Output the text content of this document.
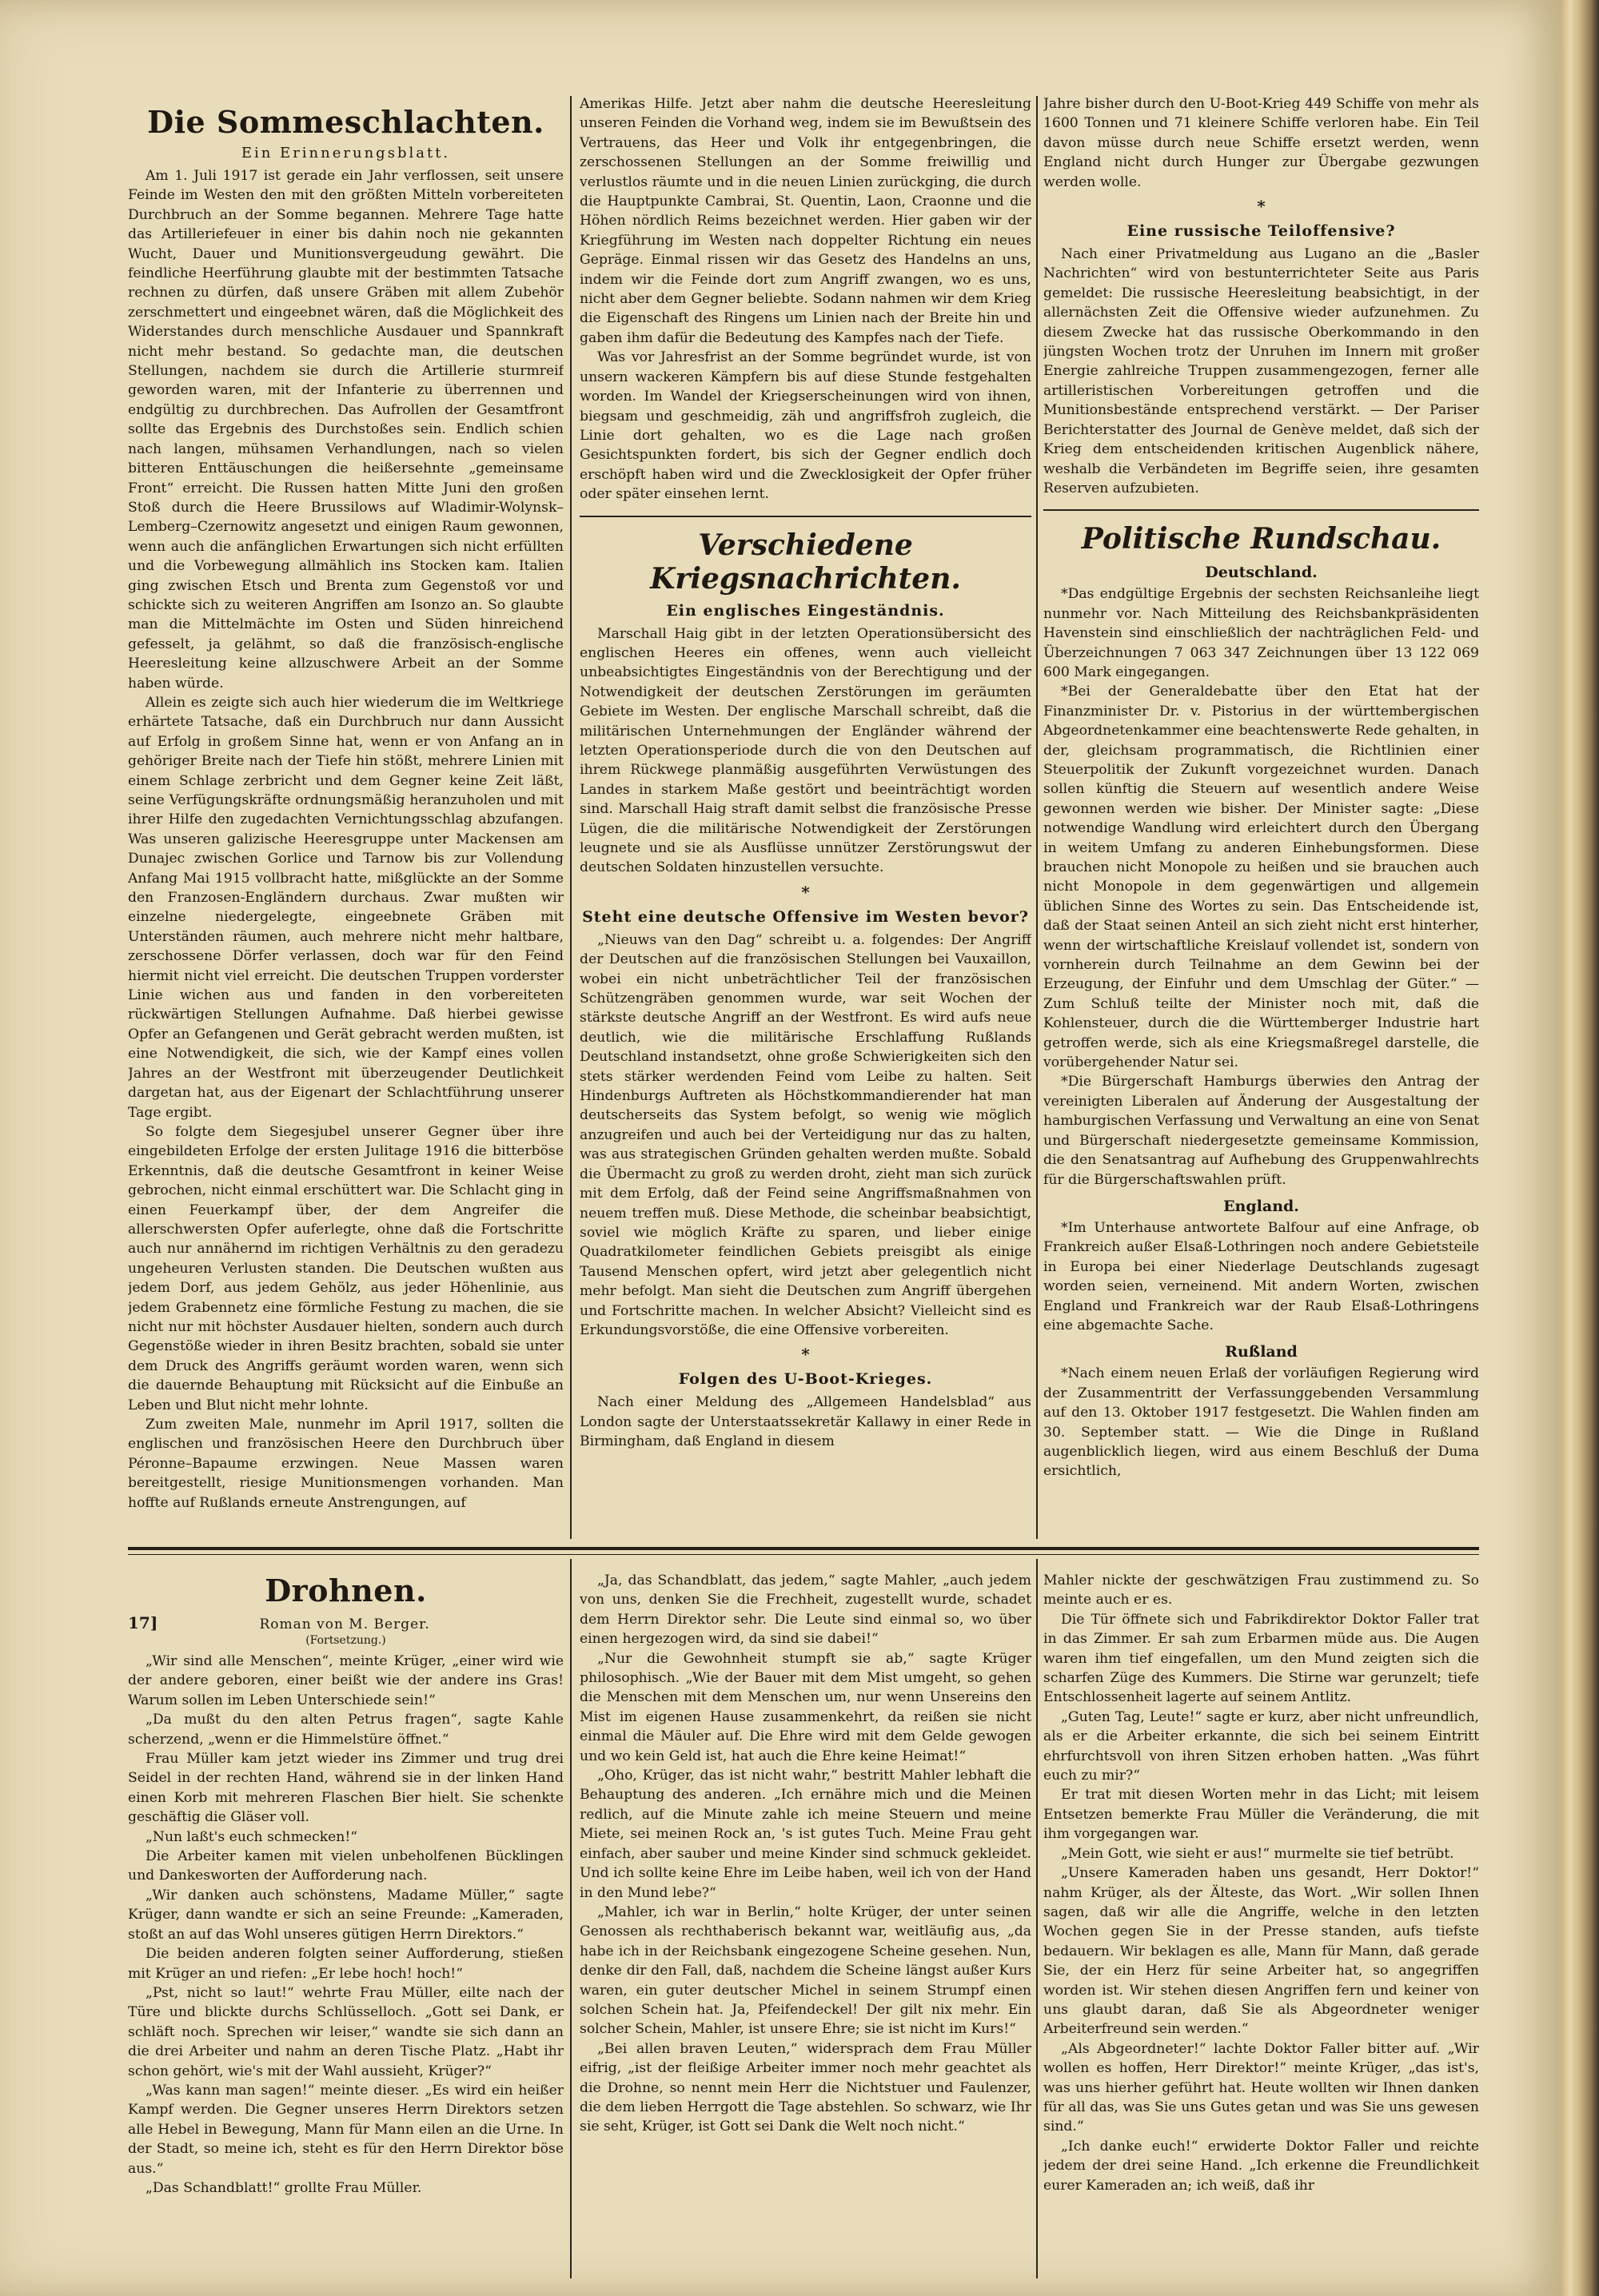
Die Sommeschlachten.
Ein Erinnerungsblatt.

Am 1. Juli 1917 ist gerade ein Jahr verflossen, seit unsere Feinde im Westen den mit den größten Mitteln vorbereiteten Durchbruch an der Somme begannen. Mehrere Tage hatte das Artilleriefeuer in einer bis dahin noch nie gekannten Wucht, Dauer und Munitionsvergeudung gewährt. Die feindliche Heerführung glaubte mit der bestimmten Tatsache rechnen zu dürfen, daß unsere Gräben mit allem Zubehör zerschmettert und eingeebnet wären, daß die Möglichkeit des Widerstandes durch menschliche Ausdauer und Spannkraft nicht mehr bestand. So gedachte man, die deutschen Stellungen, nachdem sie durch die Artillerie sturmreif geworden waren, mit der Infanterie zu überrennen und endgültig zu durchbrechen. Das Aufrollen der Gesamtfront sollte das Ergebnis des Durchstoßes sein. Endlich schien nach langen, mühsamen Verhandlungen, nach so vielen bitteren Enttäuschungen die heißersehnte „gemeinsame Front“ erreicht. Die Russen hatten Mitte Juni den großen Stoß durch die Heere Brussilows auf Wladimir-Wolynsk–Lemberg–Czernowitz angesetzt und einigen Raum gewonnen, wenn auch die anfänglichen Erwartungen sich nicht erfüllten und die Vorbewegung allmählich ins Stocken kam. Italien ging zwischen Etsch und Brenta zum Gegenstoß vor und schickte sich zu weiteren Angriffen am Isonzo an. So glaubte man die Mittelmächte im Osten und Süden hinreichend gefesselt, ja gelähmt, so daß die französisch-englische Heeresleitung keine allzuschwere Arbeit an der Somme haben würde.

Allein es zeigte sich auch hier wiederum die im Weltkriege erhärtete Tatsache, daß ein Durchbruch nur dann Aussicht auf Erfolg in großem Sinne hat, wenn er von Anfang an in gehöriger Breite nach der Tiefe hin stößt, mehrere Linien mit einem Schlage zerbricht und dem Gegner keine Zeit läßt, seine Verfügungskräfte ordnungsmäßig heranzuholen und mit ihrer Hilfe den zugedachten Vernichtungsschlag abzufangen. Was unseren galizische Heeresgruppe unter Mackensen am Dunajec zwischen Gorlice und Tarnow bis zur Vollendung Anfang Mai 1915 vollbracht hatte, mißglückte an der Somme den Franzosen-Engländern durchaus. Zwar mußten wir einzelne niedergelegte, eingeebnete Gräben mit Unterständen räumen, auch mehrere nicht mehr haltbare, zerschossene Dörfer verlassen, doch war für den Feind hiermit nicht viel erreicht. Die deutschen Truppen vorderster Linie wichen aus und fanden in den vorbereiteten rückwärtigen Stellungen Aufnahme. Daß hierbei gewisse Opfer an Gefangenen und Gerät gebracht werden mußten, ist eine Notwendigkeit, die sich, wie der Kampf eines vollen Jahres an der Westfront mit überzeugender Deutlichkeit dargetan hat, aus der Eigenart der Schlachtführung unserer Tage ergibt.

So folgte dem Siegesjubel unserer Gegner über ihre eingebildeten Erfolge der ersten Julitage 1916 die bitterböse Erkenntnis, daß die deutsche Gesamtfront in keiner Weise gebrochen, nicht einmal erschüttert war. Die Schlacht ging in einen Feuerkampf über, der dem Angreifer die allerschwersten Opfer auferlegte, ohne daß die Fortschritte auch nur annähernd im richtigen Verhältnis zu den geradezu ungeheuren Verlusten standen. Die Deutschen wußten aus jedem Dorf, aus jedem Gehölz, aus jeder Höhenlinie, aus jedem Grabennetz eine förmliche Festung zu machen, die sie nicht nur mit höchster Ausdauer hielten, sondern auch durch Gegenstöße wieder in ihren Besitz brachten, sobald sie unter dem Druck des Angriffs geräumt worden waren, wenn sich die dauernde Behauptung mit Rücksicht auf die Einbuße an Leben und Blut nicht mehr lohnte.

Zum zweiten Male, nunmehr im April 1917, sollten die englischen und französischen Heere den Durchbruch über Péronne–Bapaume erzwingen. Neue Massen waren bereitgestellt, riesige Munitionsmengen vorhanden. Man hoffte auf Rußlands erneute Anstrengungen, auf

Amerikas Hilfe. Jetzt aber nahm die deutsche Heeresleitung unseren Feinden die Vorhand weg, indem sie im Bewußtsein des Vertrauens, das Heer und Volk ihr entgegenbringen, die zerschossenen Stellungen an der Somme freiwillig und verlustlos räumte und in die neuen Linien zurückging, die durch die Hauptpunkte Cambrai, St. Quentin, Laon, Craonne und die Höhen nördlich Reims bezeichnet werden. Hier gaben wir der Kriegführung im Westen nach doppelter Richtung ein neues Gepräge. Einmal rissen wir das Gesetz des Handelns an uns, indem wir die Feinde dort zum Angriff zwangen, wo es uns, nicht aber dem Gegner beliebte. Sodann nahmen wir dem Krieg die Eigenschaft des Ringens um Linien nach der Breite hin und gaben ihm dafür die Bedeutung des Kampfes nach der Tiefe.

Was vor Jahresfrist an der Somme begründet wurde, ist von unsern wackeren Kämpfern bis auf diese Stunde festgehalten worden. Im Wandel der Kriegserscheinungen wird von ihnen, biegsam und geschmeidig, zäh und angriffsfroh zugleich, die Linie dort gehalten, wo es die Lage nach großen Gesichtspunkten fordert, bis sich der Gegner endlich doch erschöpft haben wird und die Zwecklosigkeit der Opfer früher oder später einsehen lernt.

Verschiedene Kriegsnachrichten.
Ein englisches Eingeständnis.

Marschall Haig gibt in der letzten Operationsübersicht des englischen Heeres ein offenes, wenn auch vielleicht unbeabsichtigtes Eingeständnis von der Berechtigung und der Notwendigkeit der deutschen Zerstörungen im geräumten Gebiete im Westen. Der englische Marschall schreibt, daß die militärischen Unternehmungen der Engländer während der letzten Operationsperiode durch die von den Deutschen auf ihrem Rückwege planmäßig ausgeführten Verwüstungen des Landes in starkem Maße gestört und beeinträchtigt worden sind. Marschall Haig straft damit selbst die französische Presse Lügen, die die militärische Notwendigkeit der Zerstörungen leugnete und sie als Ausflüsse unnützer Zerstörungswut der deutschen Soldaten hinzustellen versuchte.

*
Steht eine deutsche Offensive im Westen bevor?

„Nieuws van den Dag“ schreibt u. a. folgendes: Der Angriff der Deutschen auf die französischen Stellungen bei Vauxaillon, wobei ein nicht unbeträchtlicher Teil der französischen Schützengräben genommen wurde, war seit Wochen der stärkste deutsche Angriff an der Westfront. Es wird aufs neue deutlich, wie die militärische Erschlaffung Rußlands Deutschland instandsetzt, ohne große Schwierigkeiten sich den stets stärker werdenden Feind vom Leibe zu halten. Seit Hindenburgs Auftreten als Höchstkommandierender hat man deutscherseits das System befolgt, so wenig wie möglich anzugreifen und auch bei der Verteidigung nur das zu halten, was aus strategischen Gründen gehalten werden mußte. Sobald die Übermacht zu groß zu werden droht, zieht man sich zurück mit dem Erfolg, daß der Feind seine Angriffsmaßnahmen von neuem treffen muß. Diese Methode, die scheinbar beabsichtigt, soviel wie möglich Kräfte zu sparen, und lieber einige Quadratkilometer feindlichen Gebiets preisgibt als einige Tausend Menschen opfert, wird jetzt aber gelegentlich nicht mehr befolgt. Man sieht die Deutschen zum Angriff übergehen und Fortschritte machen. In welcher Absicht? Vielleicht sind es Erkundungsvorstöße, die eine Offensive vorbereiten.

*
Folgen des U-Boot-Krieges.

Nach einer Meldung des „Allgemeen Handelsblad“ aus London sagte der Unterstaatssekretär Kallawy in einer Rede in Birmingham, daß England in diesem

Jahre bisher durch den U-Boot-Krieg 449 Schiffe von mehr als 1600 Tonnen und 71 kleinere Schiffe verloren habe. Ein Teil davon müsse durch neue Schiffe ersetzt werden, wenn England nicht durch Hunger zur Übergabe gezwungen werden wolle.

*
Eine russische Teiloffensive?

Nach einer Privatmeldung aus Lugano an die „Basler Nachrichten“ wird von bestunterrichteter Seite aus Paris gemeldet: Die russische Heeresleitung beabsichtigt, in der allernächsten Zeit die Offensive wieder aufzunehmen. Zu diesem Zwecke hat das russische Oberkommando in den jüngsten Wochen trotz der Unruhen im Innern mit großer Energie zahlreiche Truppen zusammengezogen, ferner alle artilleristischen Vorbereitungen getroffen und die Munitionsbestände entsprechend verstärkt. — Der Pariser Berichterstatter des Journal de Genève meldet, daß sich der Krieg dem entscheidenden kritischen Augenblick nähere, weshalb die Verbändeten im Begriffe seien, ihre gesamten Reserven aufzubieten.

Politische Rundschau.
Deutschland.

*Das endgültige Ergebnis der sechsten Reichsanleihe liegt nunmehr vor. Nach Mitteilung des Reichsbankpräsidenten Havenstein sind einschließlich der nachträglichen Feld- und Überzeichnungen 7 063 347 Zeichnungen über 13 122 069 600 Mark eingegangen.

*Bei der Generaldebatte über den Etat hat der Finanzminister Dr. v. Pistorius in der württembergischen Abgeordnetenkammer eine beachtenswerte Rede gehalten, in der, gleichsam programmatisch, die Richtlinien einer Steuerpolitik der Zukunft vorgezeichnet wurden. Danach sollen künftig die Steuern auf wesentlich andere Weise gewonnen werden wie bisher. Der Minister sagte: „Diese notwendige Wandlung wird erleichtert durch den Übergang in weitem Umfang zu anderen Einhebungsformen. Diese brauchen nicht Monopole zu heißen und sie brauchen auch nicht Monopole in dem gegenwärtigen und allgemein üblichen Sinne des Wortes zu sein. Das Entscheidende ist, daß der Staat seinen Anteil an sich zieht nicht erst hinterher, wenn der wirtschaftliche Kreislauf vollendet ist, sondern von vornherein durch Teilnahme an dem Gewinn bei der Erzeugung, der Einfuhr und dem Umschlag der Güter.“ — Zum Schluß teilte der Minister noch mit, daß die Kohlensteuer, durch die die Württemberger Industrie hart getroffen werde, sich als eine Kriegsmaßregel darstelle, die vorübergehender Natur sei.

*Die Bürgerschaft Hamburgs überwies den Antrag der vereinigten Liberalen auf Änderung der Ausgestaltung der hamburgischen Verfassung und Verwaltung an eine von Senat und Bürgerschaft niedergesetzte gemeinsame Kommission, die den Senatsantrag auf Aufhebung des Gruppenwahlrechts für die Bürgerschaftswahlen prüft.

England.

*Im Unterhause antwortete Balfour auf eine Anfrage, ob Frankreich außer Elsaß-Lothringen noch andere Gebietsteile in Europa bei einer Niederlage Deutschlands zugesagt worden seien, verneinend. Mit andern Worten, zwischen England und Frankreich war der Raub Elsaß-Lothringens eine abgemachte Sache.

Rußland

*Nach einem neuen Erlaß der vorläufigen Regierung wird der Zusammentritt der Verfassunggebenden Versammlung auf den 13. Oktober 1917 festgesetzt. Die Wahlen finden am 30. September statt. — Wie die Dinge in Rußland augenblicklich liegen, wird aus einem Beschluß der Duma ersichtlich,

Drohnen.
17]	Roman von M. Berger.
(Fortsetzung.)

„Wir sind alle Menschen“, meinte Krüger, „einer wird wie der andere geboren, einer beißt wie der andere ins Gras! Warum sollen im Leben Unterschiede sein!“

„Da mußt du den alten Petrus fragen“, sagte Kahle scherzend, „wenn er die Himmelstüre öffnet.“

Frau Müller kam jetzt wieder ins Zimmer und trug drei Seidel in der rechten Hand, während sie in der linken Hand einen Korb mit mehreren Flaschen Bier hielt. Sie schenkte geschäftig die Gläser voll.

„Nun laßt's euch schmecken!“

Die Arbeiter kamen mit vielen unbeholfenen Bücklingen und Dankesworten der Aufforderung nach.

„Wir danken auch schönstens, Madame Müller,“ sagte Krüger, dann wandte er sich an seine Freunde: „Kameraden, stoßt an auf das Wohl unseres gütigen Herrn Direktors.“

Die beiden anderen folgten seiner Aufforderung, stießen mit Krüger an und riefen: „Er lebe hoch! hoch!“

„Pst, nicht so laut!“ wehrte Frau Müller, eilte nach der Türe und blickte durchs Schlüsselloch. „Gott sei Dank, er schläft noch. Sprechen wir leiser,“ wandte sie sich dann an die drei Arbeiter und nahm an deren Tische Platz. „Habt ihr schon gehört, wie's mit der Wahl aussieht, Krüger?“

„Was kann man sagen!“ meinte dieser. „Es wird ein heißer Kampf werden. Die Gegner unseres Herrn Direktors setzen alle Hebel in Bewegung, Mann für Mann eilen an die Urne. In der Stadt, so meine ich, steht es für den Herrn Direktor böse aus.“

„Das Schandblatt!“ grollte Frau Müller.

„Ja, das Schandblatt, das jedem,“ sagte Mahler, „auch jedem von uns, denken Sie die Frechheit, zugestellt wurde, schadet dem Herrn Direktor sehr. Die Leute sind einmal so, wo über einen hergezogen wird, da sind sie dabei!“

„Nur die Gewohnheit stumpft sie ab,“ sagte Krüger philosophisch. „Wie der Bauer mit dem Mist umgeht, so gehen die Menschen mit dem Menschen um, nur wenn Unsereins den Mist im eigenen Hause zusammenkehrt, da reißen sie nicht einmal die Mäuler auf. Die Ehre wird mit dem Gelde gewogen und wo kein Geld ist, hat auch die Ehre keine Heimat!“

„Oho, Krüger, das ist nicht wahr,“ bestritt Mahler lebhaft die Behauptung des anderen. „Ich ernähre mich und die Meinen redlich, auf die Minute zahle ich meine Steuern und meine Miete, sei meinen Rock an, 's ist gutes Tuch. Meine Frau geht einfach, aber sauber und meine Kinder sind schmuck gekleidet. Und ich sollte keine Ehre im Leibe haben, weil ich von der Hand in den Mund lebe?“

„Mahler, ich war in Berlin,“ holte Krüger, der unter seinen Genossen als rechthaberisch bekannt war, weitläufig aus, „da habe ich in der Reichsbank eingezogene Scheine gesehen. Nun, denke dir den Fall, daß, nachdem die Scheine längst außer Kurs waren, ein guter deutscher Michel in seinem Strumpf einen solchen Schein hat. Ja, Pfeifendeckel! Der gilt nix mehr. Ein solcher Schein, Mahler, ist unsere Ehre; sie ist nicht im Kurs!“

„Bei allen braven Leuten,“ widersprach dem Frau Müller eifrig, „ist der fleißige Arbeiter immer noch mehr geachtet als die Drohne, so nennt mein Herr die Nichtstuer und Faulenzer, die dem lieben Herrgott die Tage abstehlen. So schwarz, wie Ihr sie seht, Krüger, ist Gott sei Dank die Welt noch nicht.“

Mahler nickte der geschwätzigen Frau zustimmend zu. So meinte auch er es.

Die Tür öffnete sich und Fabrikdirektor Doktor Faller trat in das Zimmer. Er sah zum Erbarmen müde aus. Die Augen waren ihm tief eingefallen, um den Mund zeigten sich die scharfen Züge des Kummers. Die Stirne war gerunzelt; tiefe Entschlossenheit lagerte auf seinem Antlitz.

„Guten Tag, Leute!“ sagte er kurz, aber nicht unfreundlich, als er die Arbeiter erkannte, die sich bei seinem Eintritt ehrfurchtsvoll von ihren Sitzen erhoben hatten. „Was führt euch zu mir?“

Er trat mit diesen Worten mehr in das Licht; mit leisem Entsetzen bemerkte Frau Müller die Veränderung, die mit ihm vorgegangen war.

„Mein Gott, wie sieht er aus!“ murmelte sie tief betrübt.

„Unsere Kameraden haben uns gesandt, Herr Doktor!“ nahm Krüger, als der Älteste, das Wort. „Wir sollen Ihnen sagen, daß wir alle die Angriffe, welche in den letzten Wochen gegen Sie in der Presse standen, aufs tiefste bedauern. Wir beklagen es alle, Mann für Mann, daß gerade Sie, der ein Herz für seine Arbeiter hat, so angegriffen worden ist. Wir stehen diesen Angriffen fern und keiner von uns glaubt daran, daß Sie als Abgeordneter weniger Arbeiterfreund sein werden.“

„Als Abgeordneter!“ lachte Doktor Faller bitter auf. „Wir wollen es hoffen, Herr Direktor!“ meinte Krüger, „das ist's, was uns hierher geführt hat. Heute wollten wir Ihnen danken für all das, was Sie uns Gutes getan und was Sie uns gewesen sind.“

„Ich danke euch!“ erwiderte Doktor Faller und reichte jedem der drei seine Hand. „Ich erkenne die Freundlichkeit eurer Kameraden an; ich weiß, daß ihr
